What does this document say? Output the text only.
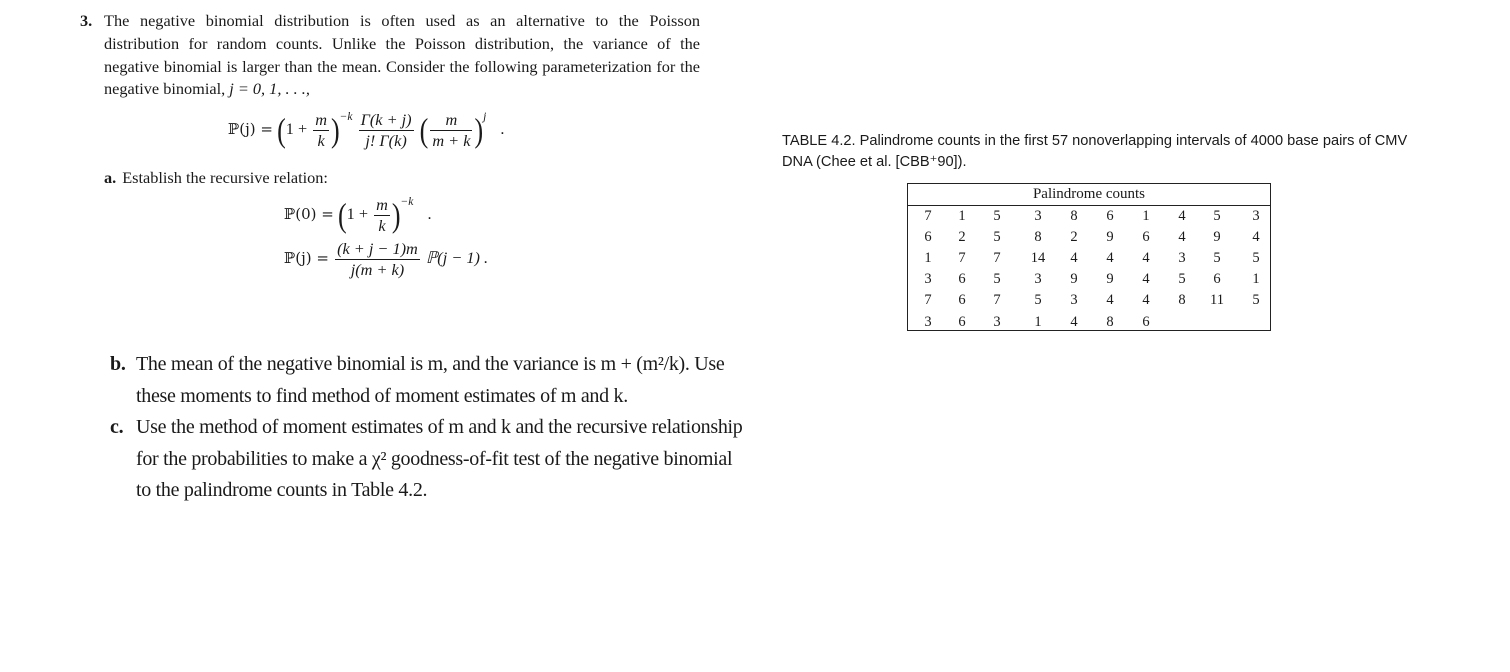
3. The negative binomial distribution is often used as an alternative to the Poisson distribution for random counts. Unlike the Poisson distribution, the variance of the negative binomial is larger than the mean. Consider the following parameterization for the negative binomial, j = 0, 1, . . .,
ℙ(j) = $(1 + \frac{m}{k} )^{-k} \frac{\Gamma(k + j)}{j! \Gamma(k)}$ ( $\frac{m}{m + k} )^j$ .
a. Establish the recursive relation:
ℙ(0) = $(1 + \frac{m}{k} )^{-k}$ .
ℙ(j) = $\frac{(k + j - 1)m}{j(m + k)}$ ℙ(j − 1) .
b. The mean of the negative binomial is m, and the variance is m + (m²/k). Use these moments to find method of moment estimates of m and k.
c. Use the method of moment estimates of m and k and the recursive relationship for the probabilities to make a χ² goodness-of-fit test of the negative binomial to the palindrome counts in Table 4.2.
TABLE 4.2. Palindrome counts in the first 57 nonoverlapping intervals of 4000 base pairs of CMV DNA (Chee et al. [CBB⁺90]).
Palindrome counts
7	1	5	3	8	6	1	4	5	3
6	2	5	8	2	9	6	4	9	4
1	7	7	14	4	4	4	3	5	5
3	6	5	3	9	9	4	5	6	1
7	6	7	5	3	4	4	8	11	5
3	6	3	1	4	8	6
